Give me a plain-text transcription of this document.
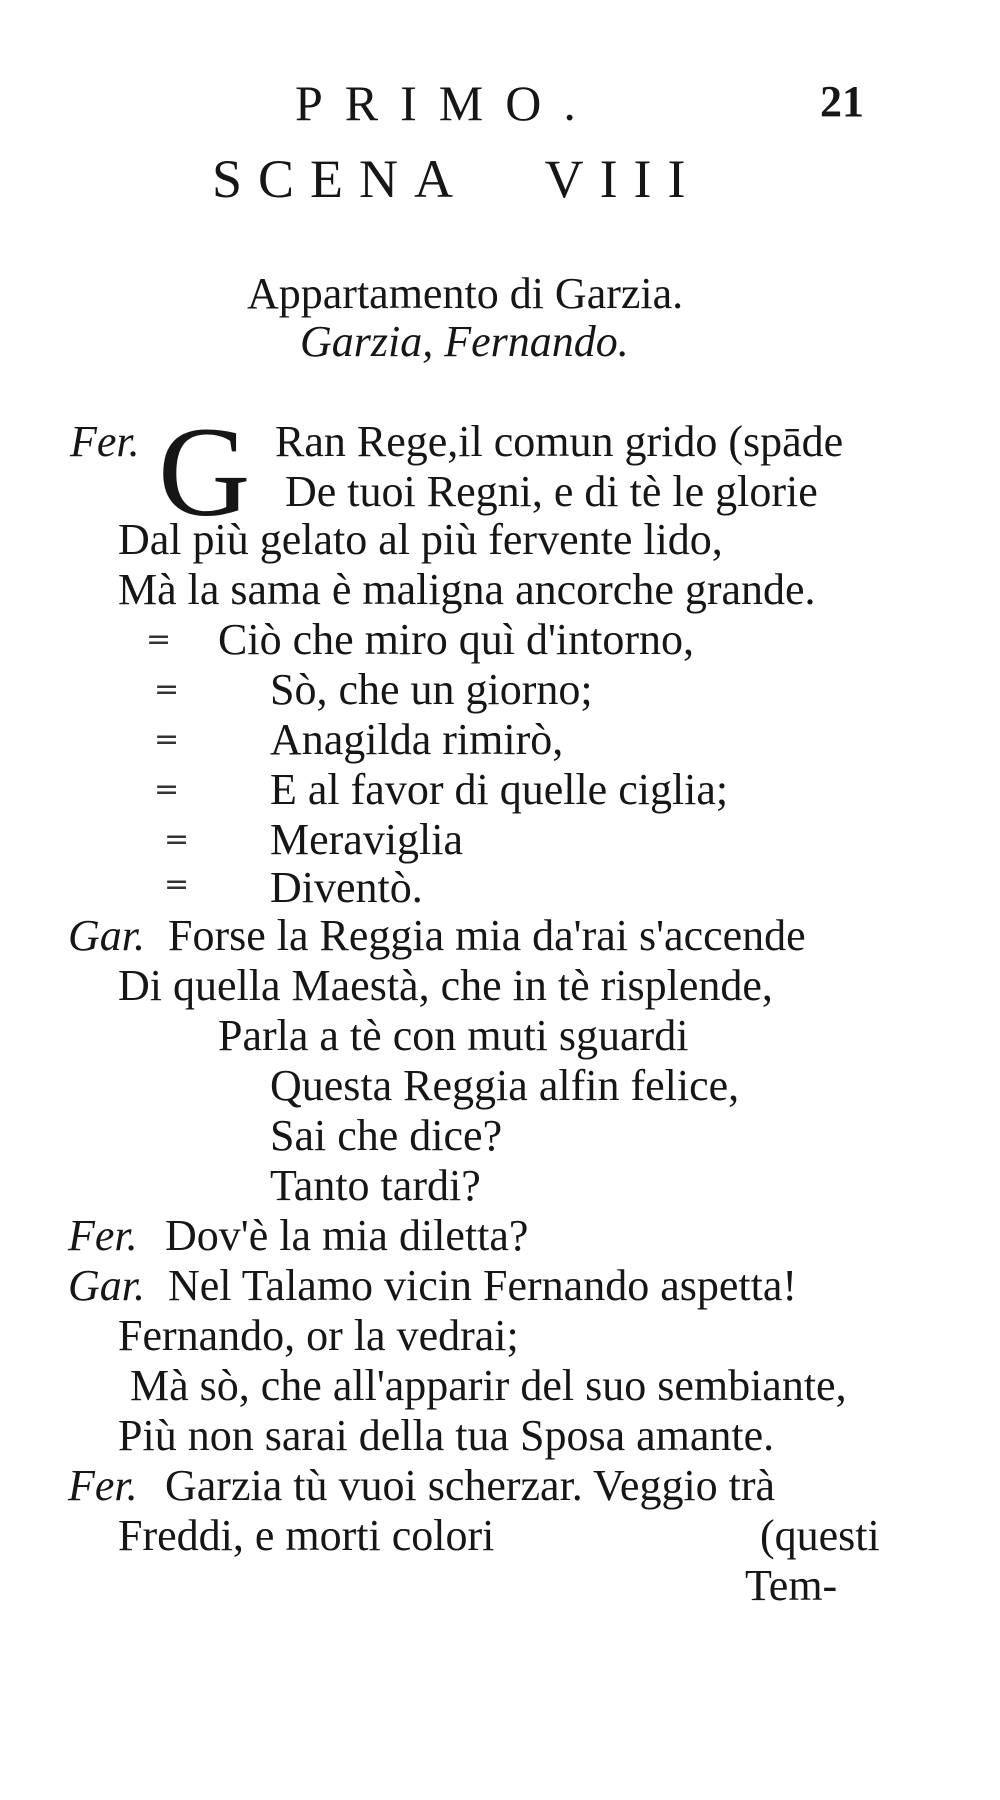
PRIMO.	21
SCENA VIII
Appartamento di Garzia.
Garzia, Fernando.
Fer. G Ran Rege,il comun grido (spāde
De tuoi Regni, e di tè le glorie
Dal più gelato al più fervente lido,
Mà la sama è maligna ancorche grande.
=
=
=
=
=
=
Ciò che miro quì d'intorno,
Sò, che un giorno;
Anagilda rimirò,
E al favor di quelle ciglia;
Meraviglia
Diventò.
Gar. Forse la Reggia mia da'rai s'accende
Di quella Maestà, che in tè risplende,
Parla a tè con muti sguardi
Questa Reggia alfin felice,
Sai che dice?
Tanto tardi?
Fer. Dov'è la mia diletta?
Gar. Nel Talamo vicin Fernando aspetta!
Fernando, or la vedrai;
Mà sò, che all'apparir del suo sembiante,
Più non sarai della tua Sposa amante.
Fer. Garzia tù vuoi scherzar. Veggio trà
Freddi, e morti colori	(questi
Tem-
